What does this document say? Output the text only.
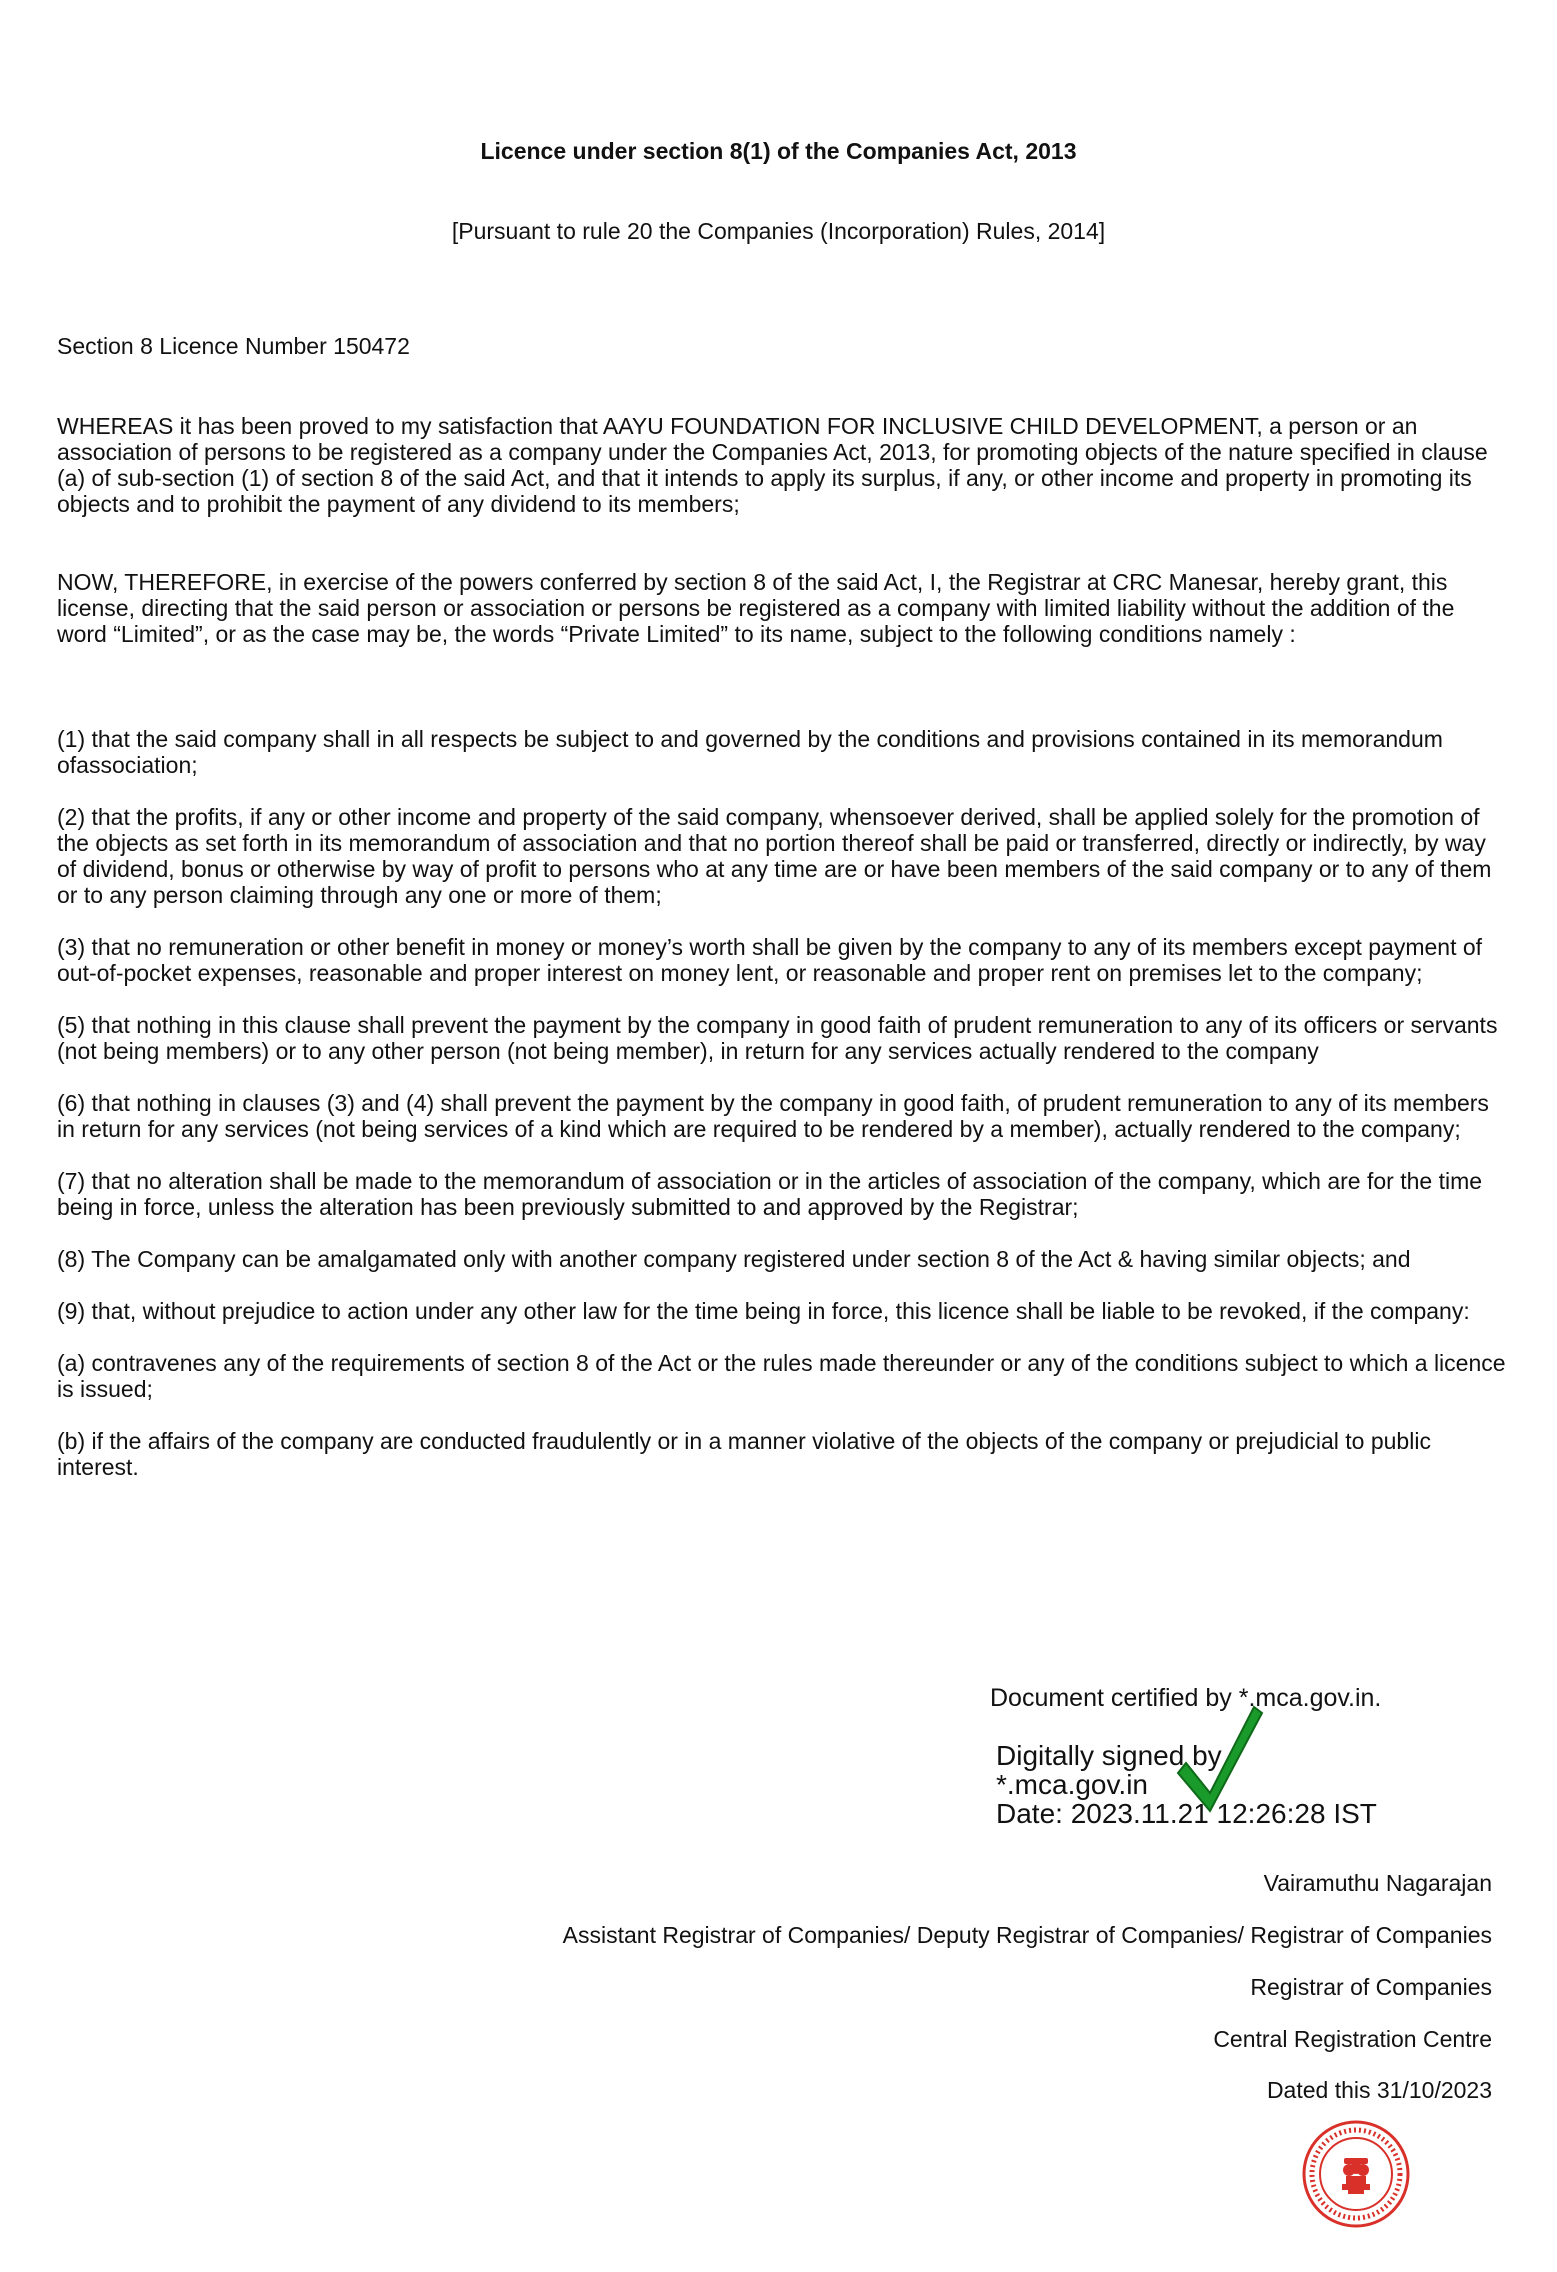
Licence under section 8(1) of the Companies Act, 2013
[Pursuant to rule 20 the Companies (Incorporation) Rules, 2014]

Section 8 Licence Number 150472

WHEREAS it has been proved to my satisfaction that AAYU FOUNDATION FOR INCLUSIVE CHILD DEVELOPMENT, a person or an association of persons to be registered as a company under the Companies Act, 2013, for promoting objects of the nature specified in clause (a) of sub-section (1) of section 8 of the said Act, and that it intends to apply its surplus, if any, or other income and property in promoting its objects and to prohibit the payment of any dividend to its members;

NOW, THEREFORE, in exercise of the powers conferred by section 8 of the said Act, I, the Registrar at CRC Manesar, hereby grant, this license, directing that the said person or association or persons be registered as a company with limited liability without the addition of the word “Limited”, or as the case may be, the words “Private Limited” to its name, subject to the following conditions namely :

(1) that the said company shall in all respects be subject to and governed by the conditions and provisions contained in its memorandum ofassociation;

(2) that the profits, if any or other income and property of the said company, whensoever derived, shall be applied solely for the promotion of the objects as set forth in its memorandum of association and that no portion thereof shall be paid or transferred, directly or indirectly, by way of dividend, bonus or otherwise by way of profit to persons who at any time are or have been members of the said company or to any of them or to any person claiming through any one or more of them;

(3) that no remuneration or other benefit in money or money’s worth shall be given by the company to any of its members except payment of out-of-pocket expenses, reasonable and proper interest on money lent, or reasonable and proper rent on premises let to the company;

(5) that nothing in this clause shall prevent the payment by the company in good faith of prudent remuneration to any of its officers or servants (not being members) or to any other person (not being member), in return for any services actually rendered to the company

(6) that nothing in clauses (3) and (4) shall prevent the payment by the company in good faith, of prudent remuneration to any of its members in return for any services (not being services of a kind which are required to be rendered by a member), actually rendered to the company;

(7) that no alteration shall be made to the memorandum of association or in the articles of association of the company, which are for the time being in force, unless the alteration has been previously submitted to and approved by the Registrar;

(8) The Company can be amalgamated only with another company registered under section 8 of the Act & having similar objects; and

(9) that, without prejudice to action under any other law for the time being in force, this licence shall be liable to be revoked, if the company:

(a) contravenes any of the requirements of section 8 of the Act or the rules made thereunder or any of the conditions subject to which a licence is issued;

(b) if the affairs of the company are conducted fraudulently or in a manner violative of the objects of the company or prejudicial to public interest.

Document certified by *.mca.gov.in.
Digitally signed by
*.mca.gov.in
Date: 2023.11.21 12:26:28 IST
Vairamuthu Nagarajan
Assistant Registrar of Companies/ Deputy Registrar of Companies/ Registrar of Companies
Registrar of Companies
Central Registration Centre
Dated this 31/10/2023
